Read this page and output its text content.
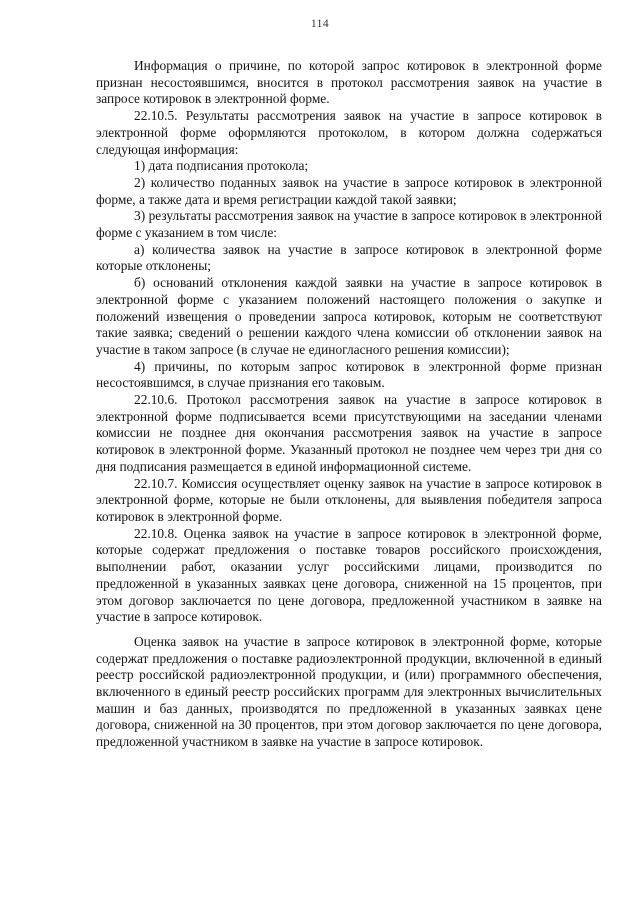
114

Информация о причине, по которой запрос котировок в электронной форме признан несостоявшимся, вносится в протокол рассмотрения заявок на участие в запросе котировок в электронной форме.

22.10.5. Результаты рассмотрения заявок на участие в запросе котировок в электронной форме оформляются протоколом, в котором должна содержаться следующая информация:

1) дата подписания протокола;

2) количество поданных заявок на участие в запросе котировок в электронной форме, а также дата и время регистрации каждой такой заявки;

3) результаты рассмотрения заявок на участие в запросе котировок в электронной форме с указанием в том числе:

а) количества заявок на участие в запросе котировок в электронной форме которые отклонены;

б) оснований отклонения каждой заявки на участие в запросе котировок в электронной форме с указанием положений настоящего положения о закупке и положений извещения о проведении запроса котировок, которым не соответствуют такие заявка; сведений о решении каждого члена комиссии об отклонении заявок на участие в таком запросе (в случае не единогласного решения комиссии);

4) причины, по которым запрос котировок в электронной форме признан несостоявшимся, в случае признания его таковым.

22.10.6. Протокол рассмотрения заявок на участие в запросе котировок в электронной форме подписывается всеми присутствующими на заседании членами комиссии не позднее дня окончания рассмотрения заявок на участие в запросе котировок в электронной форме. Указанный протокол не позднее чем через три дня со дня подписания размещается в единой информационной системе.

22.10.7. Комиссия осуществляет оценку заявок на участие в запросе котировок в электронной форме, которые не были отклонены, для выявления победителя запроса котировок в электронной форме.

22.10.8. Оценка заявок на участие в запросе котировок в электронной форме, которые содержат предложения о поставке товаров российского происхождения, выполнении работ, оказании услуг российскими лицами, производится по предложенной в указанных заявках цене договора, сниженной на 15 процентов, при этом договор заключается по цене договора, предложенной участником в заявке на участие в запросе котировок.

Оценка заявок на участие в запросе котировок в электронной форме, которые содержат предложения о поставке радиоэлектронной продукции, включенной в единый реестр российской радиоэлектронной продукции, и (или) программного обеспечения, включенного в единый реестр российских программ для электронных вычислительных машин и баз данных, производятся по предложенной в указанных заявках цене договора, сниженной на 30 процентов, при этом договор заключается по цене договора, предложенной участником в заявке на участие в запросе котировок.
